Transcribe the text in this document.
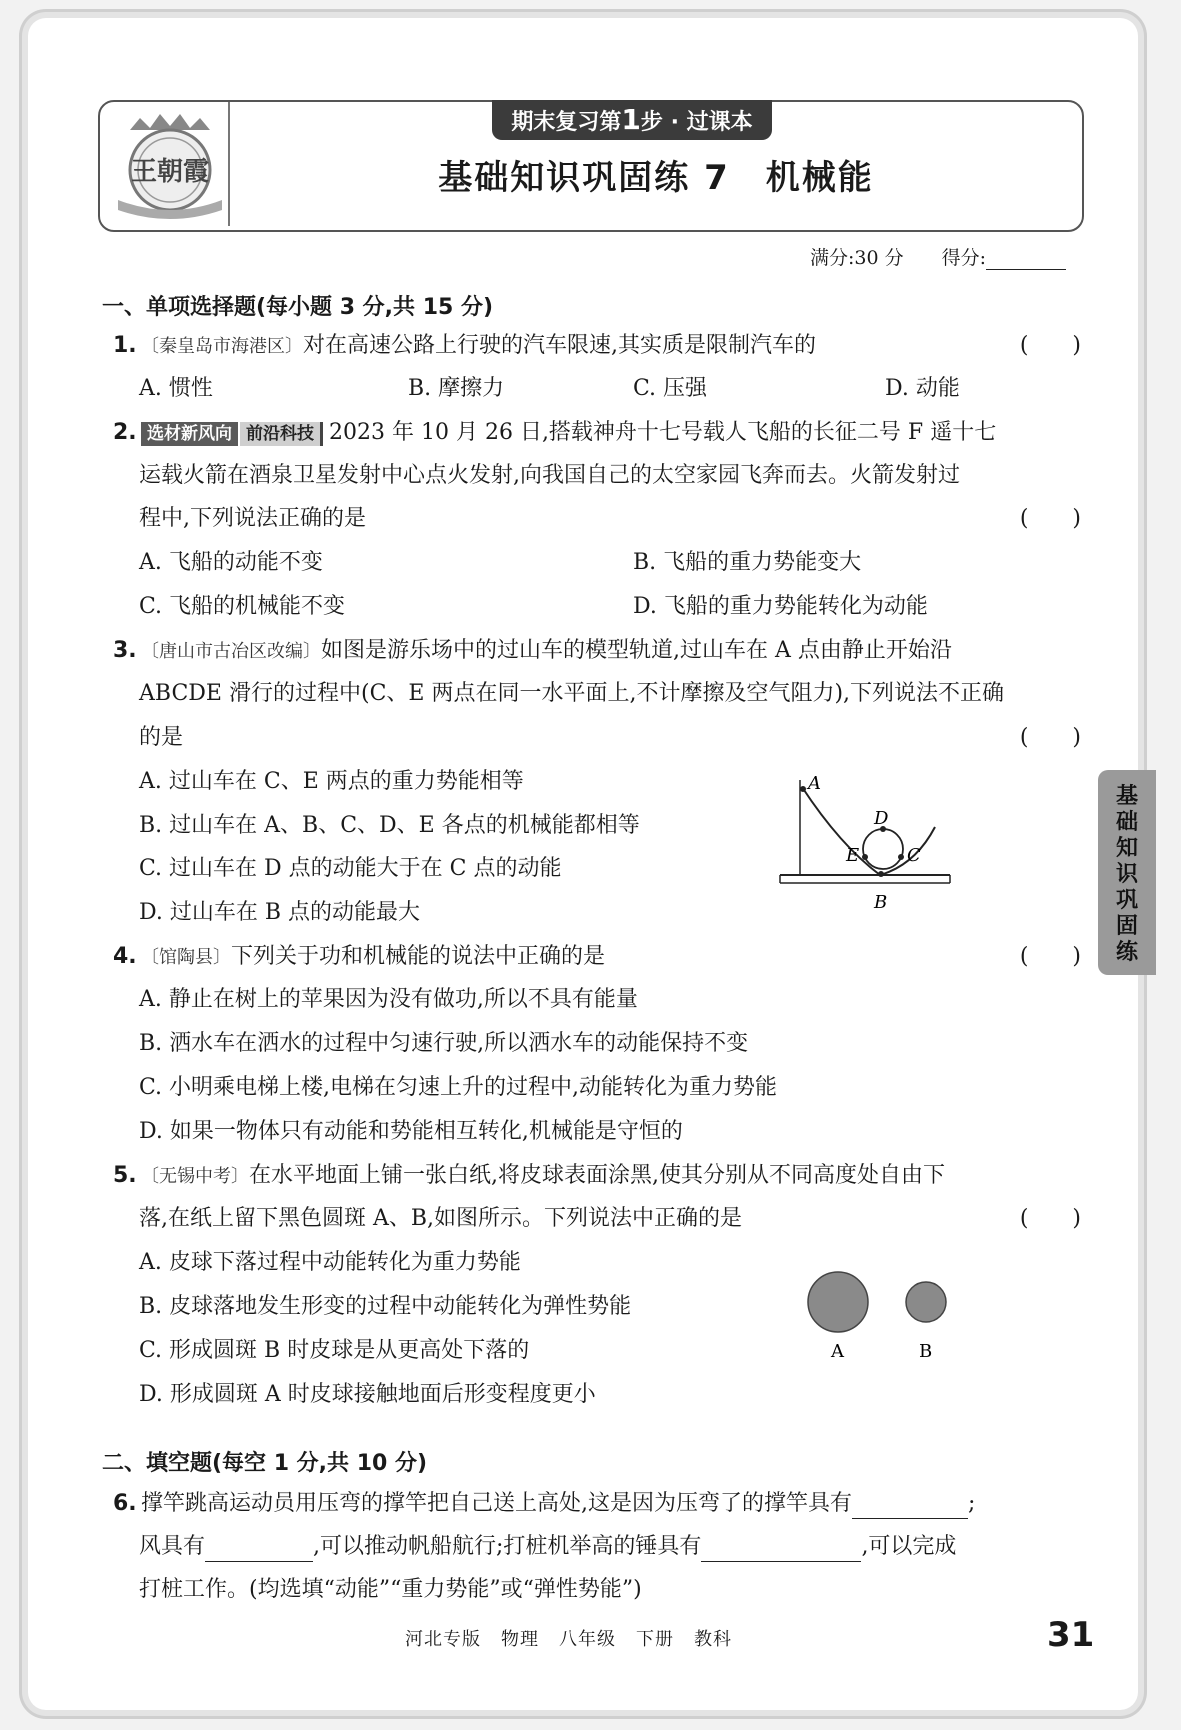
王朝霞
期末复习第1步 · 过课本
基础知识巩固练 7　机械能
满分:30 分　　 得分:
一、单项选择题(每小题 3 分,共 15 分)
1. 〔秦皇岛市海港区〕对在高速公路上行驶的汽车限速,其实质是限制汽车的	(　　)
A. 惯性	B. 摩擦力	C. 压强	D. 动能
2. 选材新风向 前沿科技 2023 年 10 月 26 日,搭载神舟十七号载人飞船的长征二号 F 遥十七
运载火箭在酒泉卫星发射中心点火发射,向我国自己的太空家园飞奔而去。火箭发射过
程中,下列说法正确的是	(　　)
A. 飞船的动能不变	B. 飞船的重力势能变大
C. 飞船的机械能不变	D. 飞船的重力势能转化为动能
3. 〔唐山市古冶区改编〕如图是游乐场中的过山车的模型轨道,过山车在 A 点由静止开始沿
ABCDE 滑行的过程中(C、E 两点在同一水平面上,不计摩擦及空气阻力),下列说法不正确
的是	(　　)
A. 过山车在 C、E 两点的重力势能相等
B. 过山车在 A、B、C、D、E 各点的机械能都相等
C. 过山车在 D 点的动能大于在 C 点的动能
D. 过山车在 B 点的动能最大
A
D
E	C
B
4. 〔馆陶县〕下列关于功和机械能的说法中正确的是	(　　)
A. 静止在树上的苹果因为没有做功,所以不具有能量
B. 洒水车在洒水的过程中匀速行驶,所以洒水车的动能保持不变
C. 小明乘电梯上楼,电梯在匀速上升的过程中,动能转化为重力势能
D. 如果一物体只有动能和势能相互转化,机械能是守恒的
5. 〔无锡中考〕在水平地面上铺一张白纸,将皮球表面涂黑,使其分别从不同高度处自由下
落,在纸上留下黑色圆斑 A、B,如图所示。下列说法中正确的是	(　　)
A. 皮球下落过程中动能转化为重力势能
B. 皮球落地发生形变的过程中动能转化为弹性势能
C. 形成圆斑 B 时皮球是从更高处下落的
D. 形成圆斑 A 时皮球接触地面后形变程度更小
A	B
二、填空题(每空 1 分,共 10 分)
6. 撑竿跳高运动员用压弯的撑竿把自己送上高处,这是因为压弯了的撑竿具有	;
风具有	,可以推动帆船航行;打桩机举高的锤具有	,可以完成
打桩工作。(均选填“动能”“重力势能”或“弹性势能”)
基
础
知
识
巩
固
练
河北专版 物理 八年级 下册 教科	31
